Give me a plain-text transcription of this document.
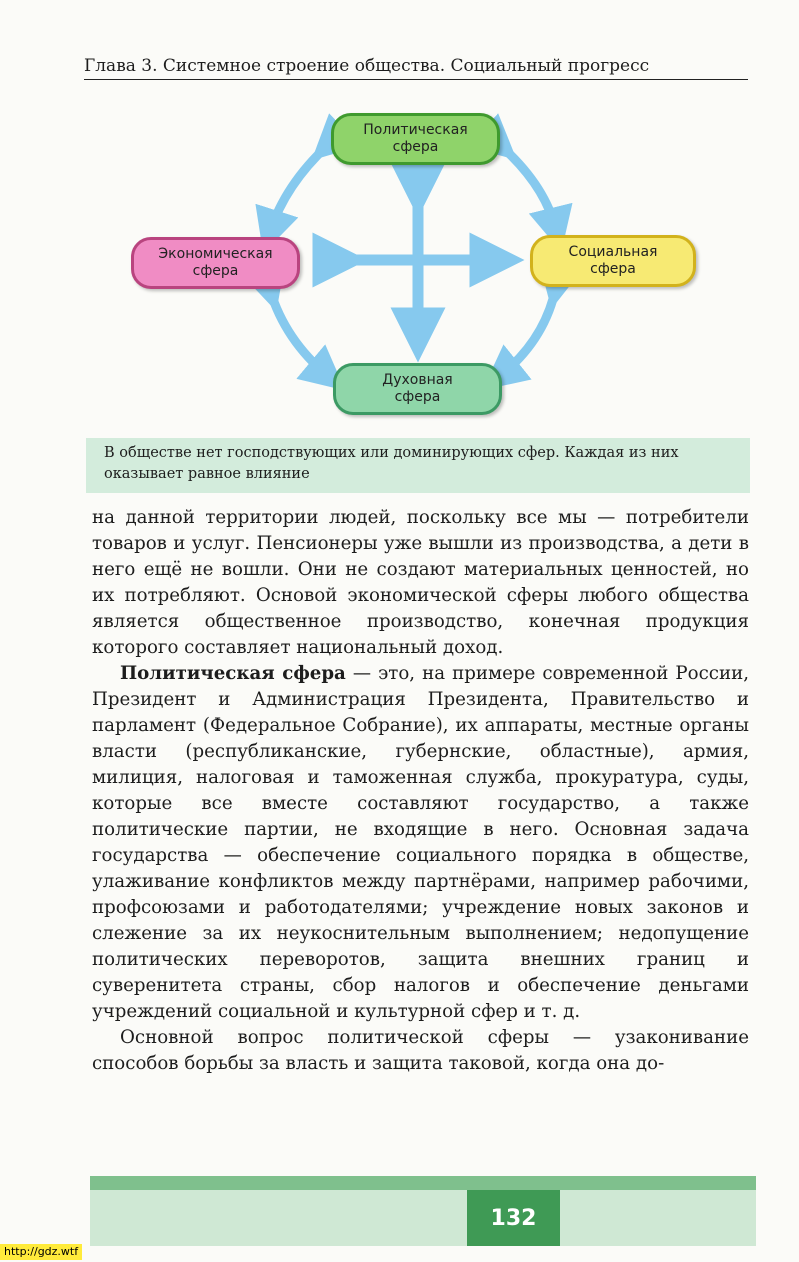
Глава 3. Системное строение общества. Социальный прогресс
Политическая
сфера
Экономическая
сфера
Социальная
сфера
Духовная
сфера
В обществе нет господствующих или доминирующих сфер. Каждая из них оказывает равное влияние

на данной территории людей, поскольку все мы — потребители товаров и услуг. Пенсионеры уже вышли из производства, а дети в него ещё не вошли. Они не создают материальных ценностей, но их потребляют. Основой экономической сферы любого общества является общественное производство, конечная продукция которого составляет национальный доход.

Политическая сфера — это, на примере современной России, Президент и Администрация Президента, Правительство и парламент (Федеральное Собрание), их аппараты, местные органы власти (республиканские, губернские, областные), армия, милиция, налоговая и таможенная служба, прокуратура, суды, которые все вместе составляют государство, а также политические партии, не входящие в него. Основная задача государства — обеспечение социального порядка в обществе, улаживание конфликтов между партнёрами, например рабочими, профсоюзами и работодателями; учреждение новых законов и слежение за их неукоснительным выполнением; недопущение политических переворотов, защита внешних границ и суверенитета страны, сбор налогов и обеспечение деньгами учреждений социальной и культурной сфер и т. д.

Основной вопрос политической сферы — узаконивание способов борьбы за власть и защита таковой, когда она до-

132
http://gdz.wtf
